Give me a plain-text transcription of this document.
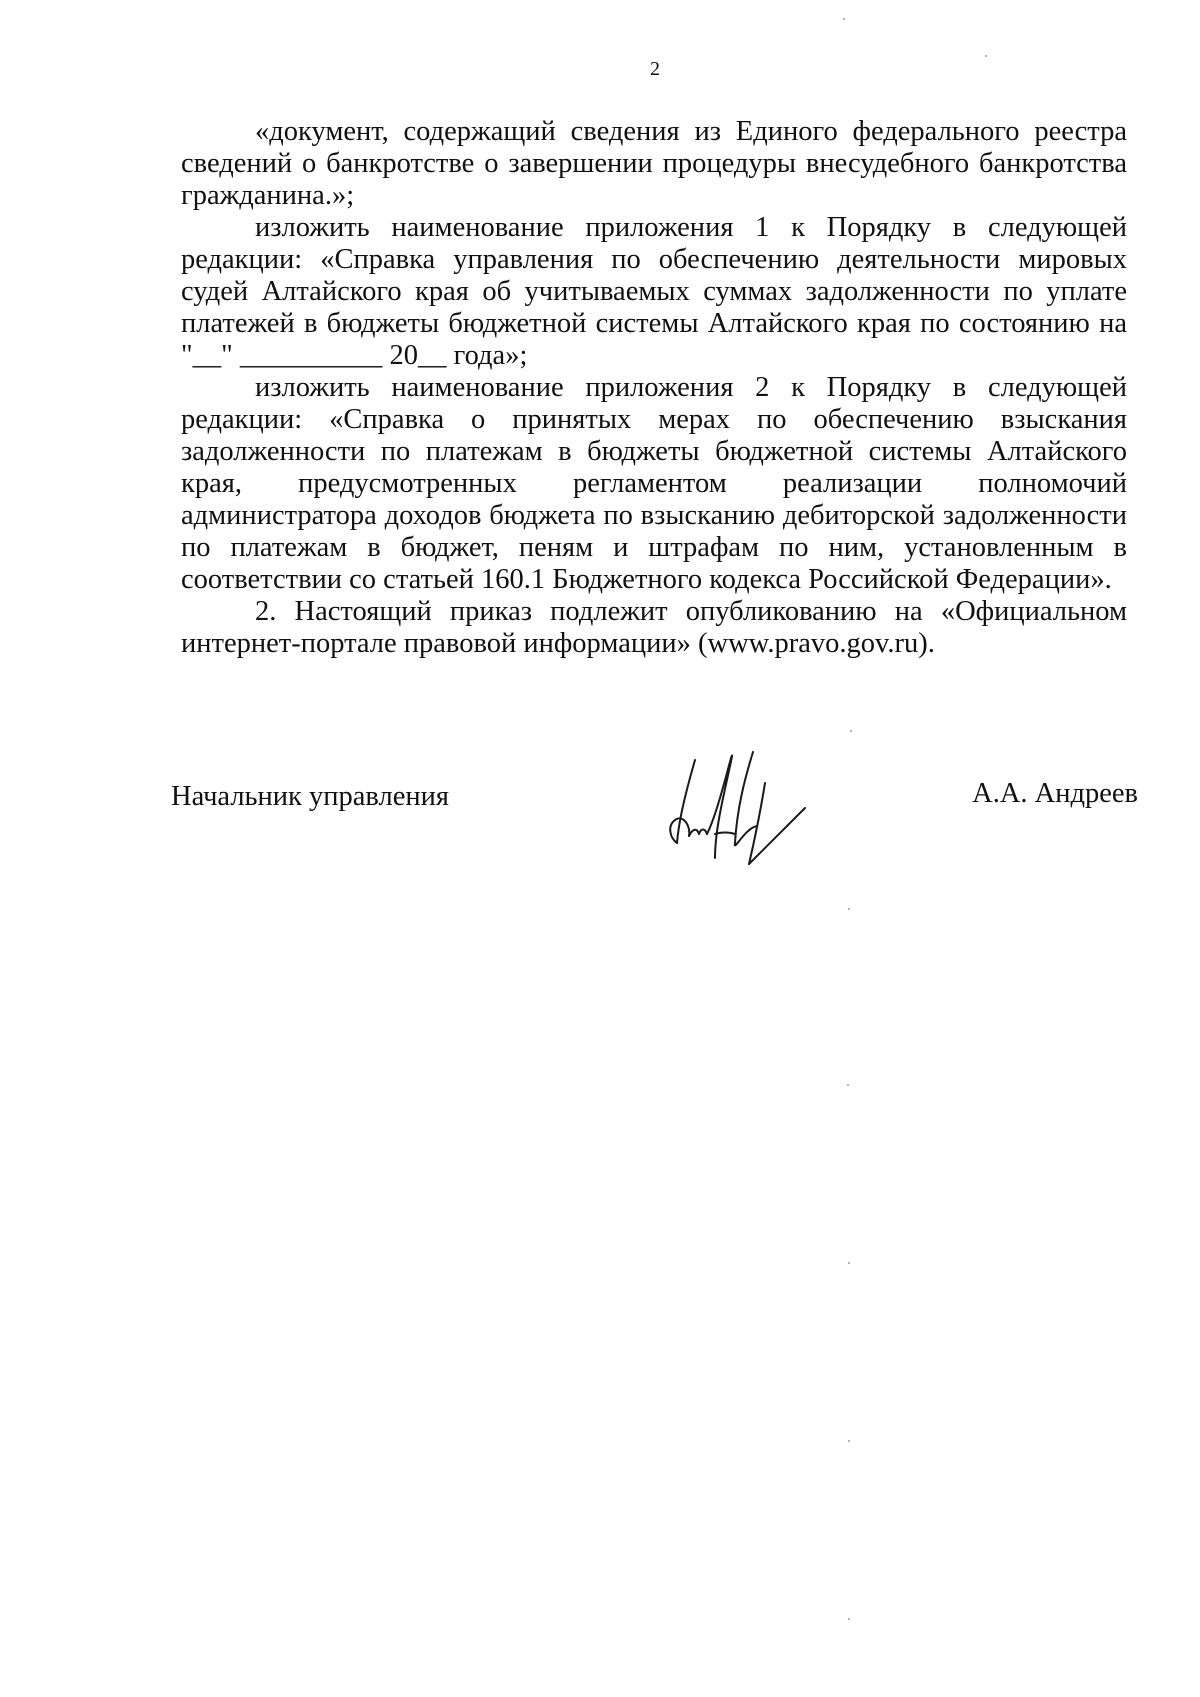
2

«документ, содержащий сведения из Единого федерального реестра сведений о банкротстве о завершении процедуры внесудебного банкротства гражданина.»;

изложить наименование приложения 1 к Порядку в следующей редакции: «Справка управления по обеспечению деятельности мировых судей Алтайского края об учитываемых суммах задолженности по уплате платежей в бюджеты бюджетной системы Алтайского края по состоянию на "__" __________ 20__ года»;

изложить наименование приложения 2 к Порядку в следующей редакции: «Справка о принятых мерах по обеспечению взыскания задолженности по платежам в бюджеты бюджетной системы Алтайского края, предусмотренных регламентом реализации полномочий администратора доходов бюджета по взысканию дебиторской задолженности по платежам в бюджет, пеням и штрафам по ним, установленным в соответствии со статьей 160.1 Бюджетного кодекса Российской Федерации».

2. Настоящий приказ подлежит опубликованию на «Официальном интернет-портале правовой информации» (www.pravo.gov.ru).

Начальник управления	А.А. Андреев
